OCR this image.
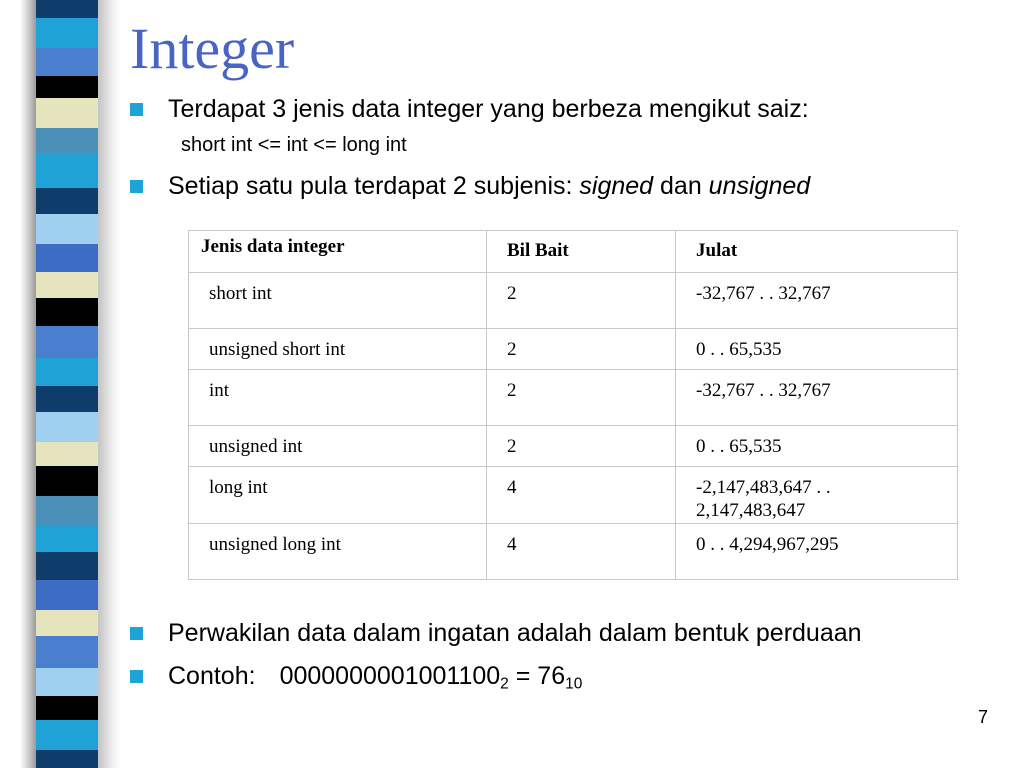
Integer
Terdapat 3 jenis data integer yang berbeza mengikut saiz:
short int <= int <= long int
Setiap satu pula terdapat 2 subjenis: signed dan unsigned
Jenis data integer	Bil Bait	Julat

short int	2	-32,767 . . 32,767

unsigned short int	2	0 . . 65,535

int	2	-32,767 . . 32,767

unsigned int	2	0 . . 65,535

long int	4	-2,147,483,647 . . 2,147,483,647

unsigned long int	4	0 . . 4,294,967,295
Perwakilan data dalam ingatan adalah dalam bentuk perduaan
Contoh: $0000000001001100_2 = 76_{10}$
7
